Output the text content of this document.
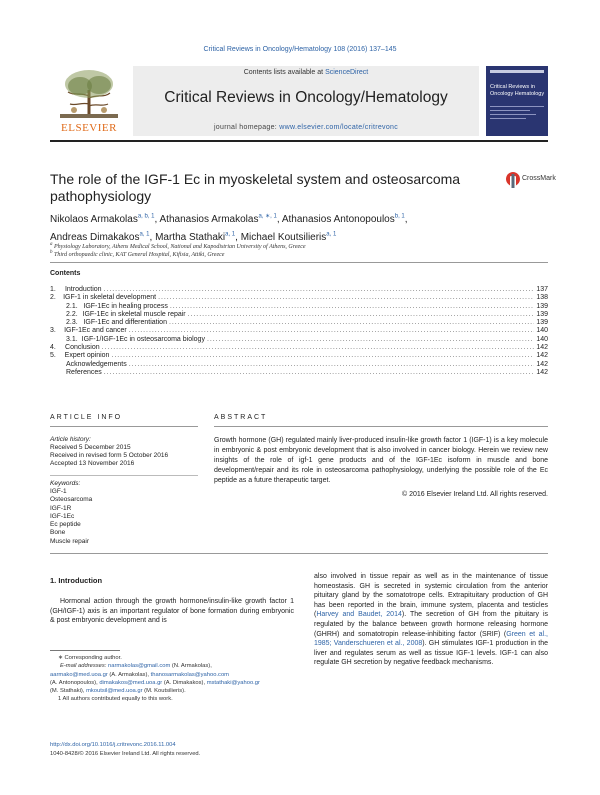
Critical Reviews in Oncology/Hematology 108 (2016) 137–145
ELSEVIER
Contents lists available at ScienceDirect
Critical Reviews in Oncology/Hematology
journal homepage: www.elsevier.com/locate/critrevonc
Critical Reviews in Oncology Hematology
The role of the IGF-1 Ec in myoskeletal system and osteosarcoma pathophysiology
CrossMark
Nikolaos Armakolas$^{a, b, 1}$, Athanasios Armakolas$^{a, ∗, 1}$, Athanasios Antonopoulos$^{b, 1}$,
Andreas Dimakakos$^{a, 1}$, Martha Stathaki$^{a, 1}$, Michael Koutsilieris$^{a, 1}$
$^a$ Physiology Laboratory, Athens Medical School, National and Kapodistrian University of Athens, Greece
$^b$ Third orthopaedic clinic, KAT General Hospital, Kifisia, Attiki, Greece
Contents
1.	Introduction . . .	137
2.	IGF-1 in skeletal development . . .	138
2.1. IGF-1Ec in healing process . . .	139
2.2. IGF-1Ec in skeletal muscle repair . . .	139
2.3. IGF-1Ec and differentiation . . .	139
3.	IGF-1Ec and cancer . . .	140
3.1. IGF-1/IGF-1Ec in osteosarcoma biology . . .	140
4.	Conclusion . . .	142
5.	Expert opinion . . .	142
Acknowledgements . . .	142
References . . .	142
ARTICLE INFO	ABSTRACT
Article history:
Received 5 December 2015
Received in revised form 5 October 2016
Accepted 13 November 2016
Keywords:
IGF-1
Osteosarcoma
IGF-1R
IGF-1Ec
Ec peptide
Bone
Muscle repair
Growth hormone (GH) regulated mainly liver-produced insulin-like growth factor 1 (IGF-1) is a key molecule in embryonic & post embryonic development that is also involved in cancer biology. Herein we review new insights of the role of igf-1 gene products and of the IGF-1Ec isoform in muscle and bone development/repair and its role in osteosarcoma pathophysiology, underlying the possible role of the Ec peptide as a future therapeutic target.
© 2016 Elsevier Ireland Ltd. All rights reserved.
1. Introduction
Hormonal action through the growth hormone/insulin-like growth factor 1 (GH/IGF-1) axis is an important regulator of bone formation during embryonic & post embryonic development and is
also involved in tissue repair as well as in the maintenance of tissue homeostasis. GH is secreted in systemic circulation from the anterior pituitary gland by the somatotrope cells. Extrapituitary production of GH has been reported in the brain, immune system, placenta and testicles (Harvey and Baudet, 2014). The secretion of GH from the pituitary is regulated by the balance between growth hormone releasing hormone (GHRH) and somatotropin release-inhibiting factor (SRIF) (Green et al., 1985; Vanderschueren et al., 2008). GH stimulates IGF-1 production in the liver and regulates serum as well as tissue IGF-1 levels. IGF-1 can also regulate GH secretion by negative feedback mechanisms.
∗ Corresponding author.
E-mail addresses: narmakolas@gmail.com (N. Armakolas),
aarmako@med.uoa.gr (A. Armakolas), thanosarmakolas@yahoo.com
(A. Antonopoulos), dimakakos@med.uoa.gr (A. Dimakakos), mstathaki@yahoo.gr
(M. Stathaki), mkoutsil@med.uoa.gr (M. Koutsilieris).
1 All authors contributed equally to this work.
http://dx.doi.org/10.1016/j.critrevonc.2016.11.004
1040-8428/© 2016 Elsevier Ireland Ltd. All rights reserved.
